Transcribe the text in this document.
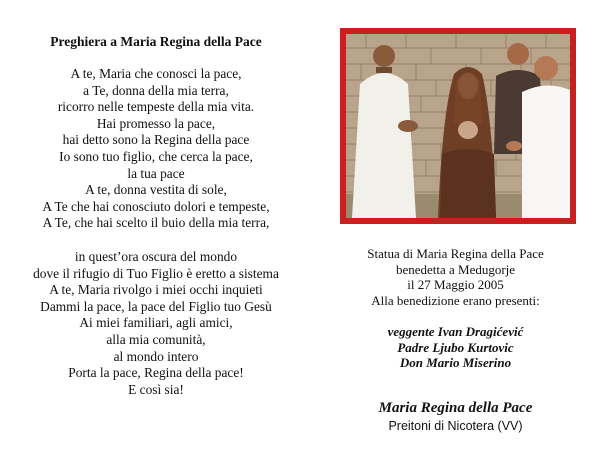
Preghiera a Maria Regina della Pace
A te, Maria che conosci la pace,
a Te, donna della mia terra,
ricorro nelle tempeste della mia vita.
Hai promesso la pace,
hai detto sono la Regina della pace
Io sono tuo figlio, che cerca la pace,
la tua pace
A te, donna vestita di sole,
A Te che hai conosciuto dolori e tempeste,
A Te, che hai scelto il buio della mia terra,
in quest’ora oscura del mondo
dove il rifugio di Tuo Figlio è eretto a sistema
A te, Maria rivolgo i miei occhi inquieti
Dammi la pace, la pace del Figlio tuo Gesù
Ai miei familiari, agli amici,
alla mia comunità,
al mondo intero
Porta la pace, Regina della pace!
E così sia!
Statua di Maria Regina della Pace
benedetta a Medugorje
il 27 Maggio 2005
Alla benedizione erano presenti:
veggente Ivan Dragićević
Padre Ljubo Kurtovic
Don Mario Miserino
Maria Regina della Pace
Preitoni di Nicotera (VV)
